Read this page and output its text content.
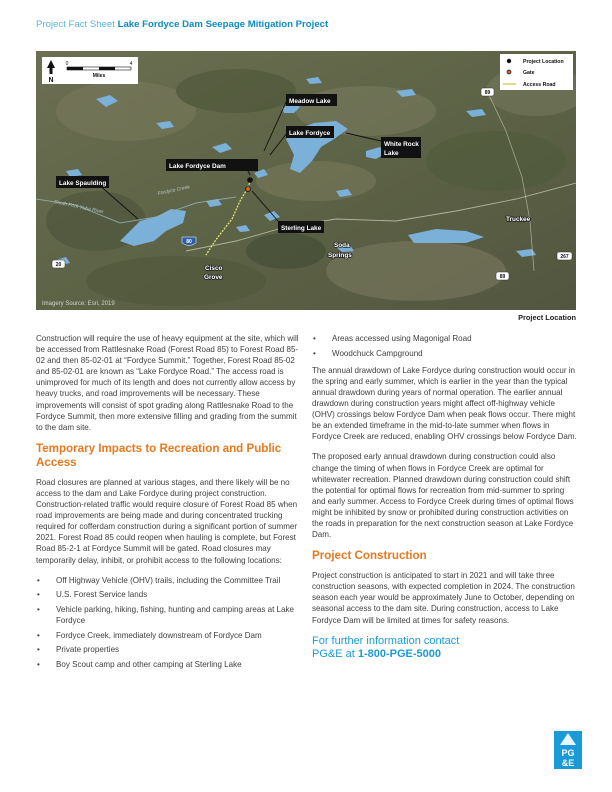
Project Fact Sheet Lake Fordyce Dam Seepage Mitigation Project
Meadow Lake
Lake Fordyce
White Rock
Lake
Lake Fordyce Dam
Lake Spaulding
Sterling Lake
Truckee
Soda
Springs
Cisco
Grove
Fordyce Creek
South Fork Yuba River
89
80
20
267
89
N
0	4
Miles
Project Location
Gate
Access Road
Imagery Source: Esri, 2019
Project Location

Construction will require the use of heavy equipment at the site, which will be accessed from Rattlesnake Road (Forest Road 85) to Forest Road 85-02 and then 85-02-01 at “Fordyce Summit.” Together, Forest Road 85-02 and 85-02-01 are known as “Lake Fordyce Road.” The access road is unimproved for much of its length and does not currently allow access by heavy trucks, and road improvements will be necessary. These improvements will consist of spot grading along Rattlesnake Road to the Fordyce Summit, then more extensive filling and grading from the summit to the dam site.

Temporary Impacts to Recreation and Public Access

Road closures are planned at various stages, and there likely will be no access to the dam and Lake Fordyce during project construction. Construction-related traffic would require closure of Forest Road 85 when road improvements are being made and during concentrated trucking required for cofferdam construction during a significant portion of summer 2021. Forest Road 85 could reopen when hauling is complete, but Forest Road 85-2-1 at Fordyce Summit will be gated. Road closures may temporarily delay, inhibit, or prohibit access to the following locations:

• Off Highway Vehicle (OHV) trails, including the Committee Trail
• U.S. Forest Service lands
• Vehicle parking, hiking, fishing, hunting and camping areas at Lake Fordyce
• Fordyce Creek, immediately downstream of Fordyce Dam
• Private properties
• Boy Scout camp and other camping at Sterling Lake
• Areas accessed using Magonigal Road
• Woodchuck Campground

The annual drawdown of Lake Fordyce during construction would occur in the spring and early summer, which is earlier in the year than the typical annual drawdown during years of normal operation. The earlier annual drawdown during construction years might affect off-highway vehicle (OHV) crossings below Fordyce Dam when peak flows occur. There might be an extended timeframe in the mid-to-late summer when flows in Fordyce Creek are reduced, enabling OHV crossings below Fordyce Dam.

The proposed early annual drawdown during construction could also change the timing of when flows in Fordyce Creek are optimal for whitewater recreation. Planned drawdown during construction could shift the potential for optimal flows for recreation from mid-summer to spring and early summer. Access to Fordyce Creek during times of optimal flows might be inhibited by snow or prohibited during construction activities on the roads in preparation for the next construction season at Lake Fordyce Dam.

Project Construction

Project construction is anticipated to start in 2021 and will take three construction seasons, with expected completion in 2024. The construction season each year would be approximately June to October, depending on seasonal access to the dam site. During construction, access to Lake Fordyce Dam will be limited at times for safety reasons.

For further information contact
PG&E at 1-800-PGE-5000
PG
&E
